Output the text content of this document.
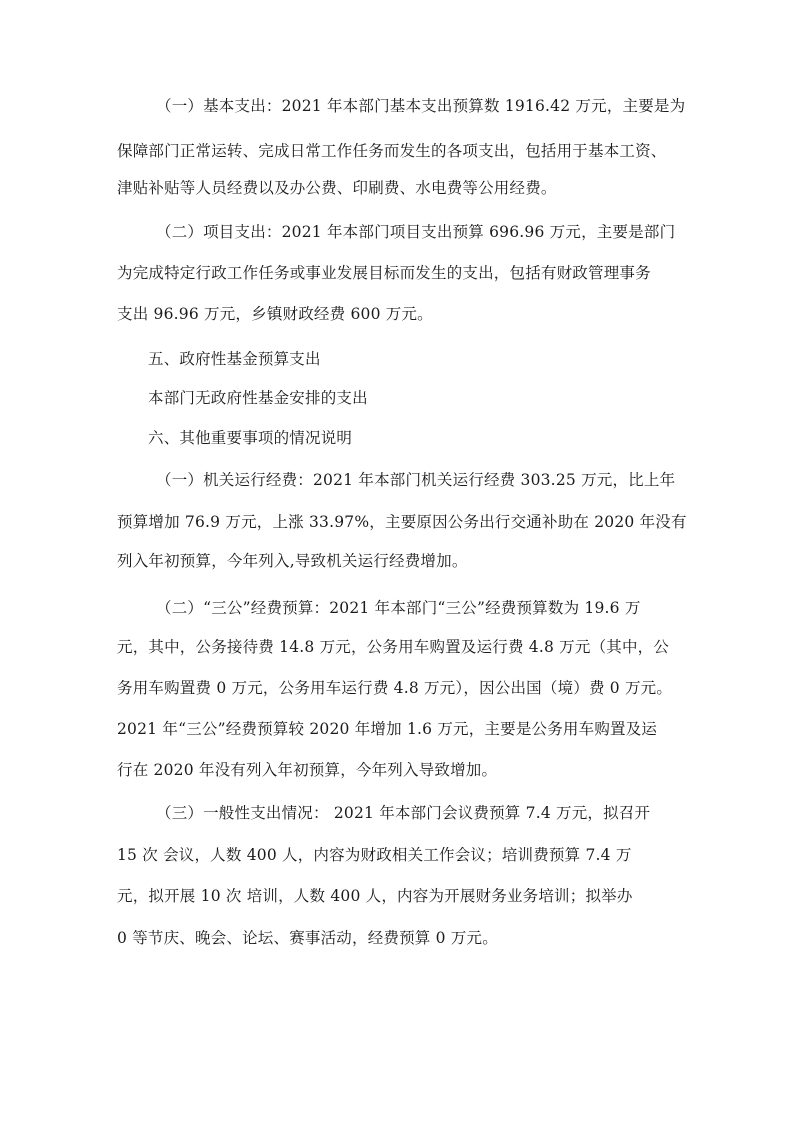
（一）基本支出：2021 年本部门基本支出预算数 1916.42 万元，主要是为

保障部门正常运转、完成日常工作任务而发生的各项支出，包括用于基本工资、

津贴补贴等人员经费以及办公费、印刷费、水电费等公用经费。

（二）项目支出：2021 年本部门项目支出预算 696.96 万元，主要是部门

为完成特定行政工作任务或事业发展目标而发生的支出，包括有财政管理事务

支出 96.96 万元，乡镇财政经费 600 万元。

五、政府性基金预算支出

本部门无政府性基金安排的支出

六、其他重要事项的情况说明

（一）机关运行经费：2021 年本部门机关运行经费 303.25 万元，比上年

预算增加 76.9 万元，上涨 33.97%，主要原因公务出行交通补助在 2020 年没有

列入年初预算，今年列入,导致机关运行经费增加。

（二）“三公”经费预算：2021 年本部门“三公”经费预算数为 19.6 万

元，其中，公务接待费 14.8 万元，公务用车购置及运行费 4.8 万元（其中，公

务用车购置费 0 万元，公务用车运行费 4.8 万元），因公出国（境）费 0 万元。

2021 年“三公”经费预算较 2020 年增加 1.6 万元，主要是公务用车购置及运

行在 2020 年没有列入年初预算，今年列入导致增加。

（三）一般性支出情况： 2021 年本部门会议费预算 7.4 万元，拟召开

15 次 会议，人数 400 人，内容为财政相关工作会议；培训费预算 7.4 万

元，拟开展 10 次 培训，人数 400 人，内容为开展财务业务培训；拟举办

0 等节庆、晚会、论坛、赛事活动，经费预算 0 万元。
